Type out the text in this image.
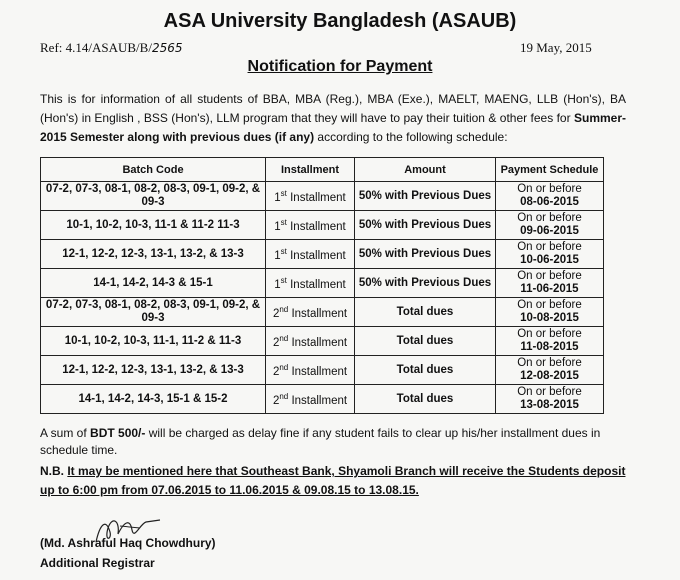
ASA University Bangladesh (ASAUB)
Ref: 4.14/ASAUB/B/2565	19 May, 2015
Notification for Payment
This is for information of all students of BBA, MBA (Reg.), MBA (Exe.), MAELT, MAENG, LLB (Hon's), BA (Hon's) in English , BSS (Hon's), LLM program that they will have to pay their tuition & other fees for Summer-2015 Semester along with previous dues (if any) according to the following schedule:
Batch Code	Installment	Amount	Payment Schedule
07-2, 07-3, 08-1, 08-2, 08-3, 09-1, 09-2, & 09-3	1st Installment	50% with Previous Dues	On or before
08-06-2015

10-1, 10-2, 10-3, 11-1 & 11-2 11-3	1st Installment	50% with Previous Dues	On or before
09-06-2015

12-1, 12-2, 12-3, 13-1, 13-2, & 13-3	1st Installment	50% with Previous Dues	On or before
10-06-2015

14-1, 14-2, 14-3 & 15-1	1st Installment	50% with Previous Dues	On or before
11-06-2015

07-2, 07-3, 08-1, 08-2, 08-3, 09-1, 09-2, & 09-3	2nd Installment	Total dues	On or before
10-08-2015

10-1, 10-2, 10-3, 11-1, 11-2 & 11-3	2nd Installment	Total dues	On or before
11-08-2015

12-1, 12-2, 12-3, 13-1, 13-2, & 13-3	2nd Installment	Total dues	On or before
12-08-2015

14-1, 14-2, 14-3, 15-1 & 15-2	2nd Installment	Total dues	On or before
13-08-2015
A sum of BDT 500/- will be charged as delay fine if any student fails to clear up his/her installment dues in schedule time.
N.B. It may be mentioned here that Southeast Bank, Shyamoli Branch will receive the Students deposit up to 6:00 pm from 07.06.2015 to 11.06.2015 & 09.08.15 to 13.08.15.
(Md. Ashraful Haq Chowdhury)
Additional Registrar
